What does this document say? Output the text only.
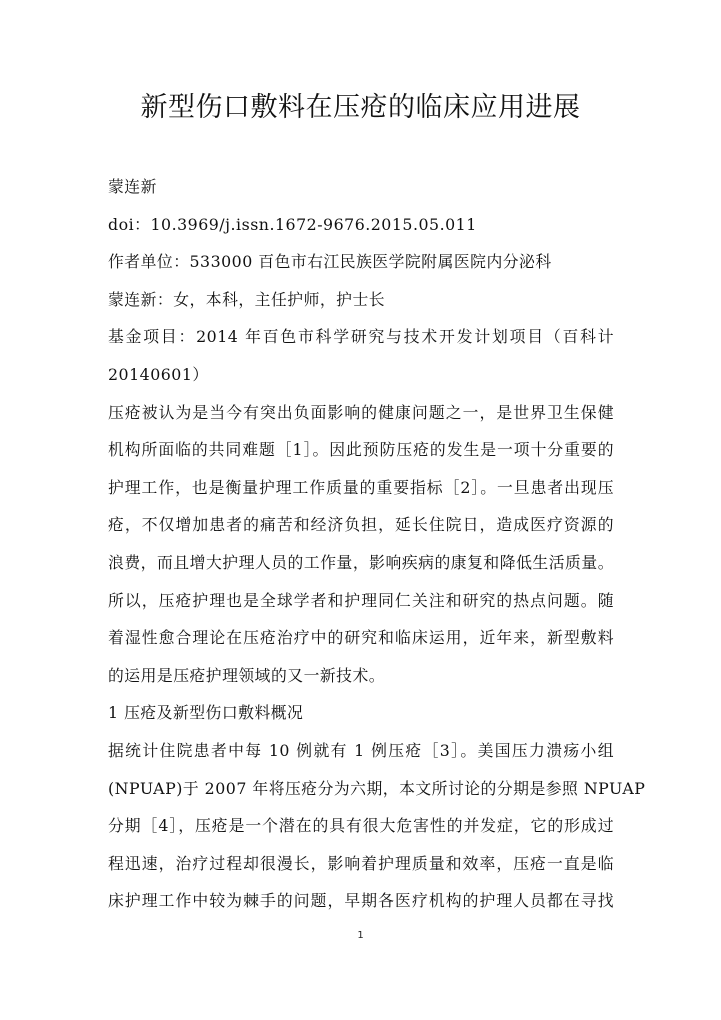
新型伤口敷料在压疮的临床应用进展
蒙连新
doi：10.3969/j.issn.1672-9676.2015.05.011
作者单位：533000 百色市右江民族医学院附属医院内分泌科
蒙连新：女，本科，主任护师，护士长
基金项目：2014 年百色市科学研究与技术开发计划项目（百科计
20140601）
压疮被认为是当今有突出负面影响的健康问题之一，是世界卫生保健
机构所面临的共同难题［1］。因此预防压疮的发生是一项十分重要的
护理工作，也是衡量护理工作质量的重要指标［2］。一旦患者出现压
疮，不仅增加患者的痛苦和经济负担，延长住院日，造成医疗资源的
浪费，而且增大护理人员的工作量，影响疾病的康复和降低生活质量。
所以，压疮护理也是全球学者和护理同仁关注和研究的热点问题。随
着湿性愈合理论在压疮治疗中的研究和临床运用，近年来，新型敷料
的运用是压疮护理领域的又一新技术。
1 压疮及新型伤口敷料概况
据统计住院患者中每 10 例就有 1 例压疮［3］。美国压力溃疡小组
(NPUAP)于 2007 年将压疮分为六期，本文所讨论的分期是参照 NPUAP
分期［4］，压疮是一个潜在的具有很大危害性的并发症，它的形成过
程迅速，治疗过程却很漫长，影响着护理质量和效率，压疮一直是临
床护理工作中较为棘手的问题，早期各医疗机构的护理人员都在寻找
1
